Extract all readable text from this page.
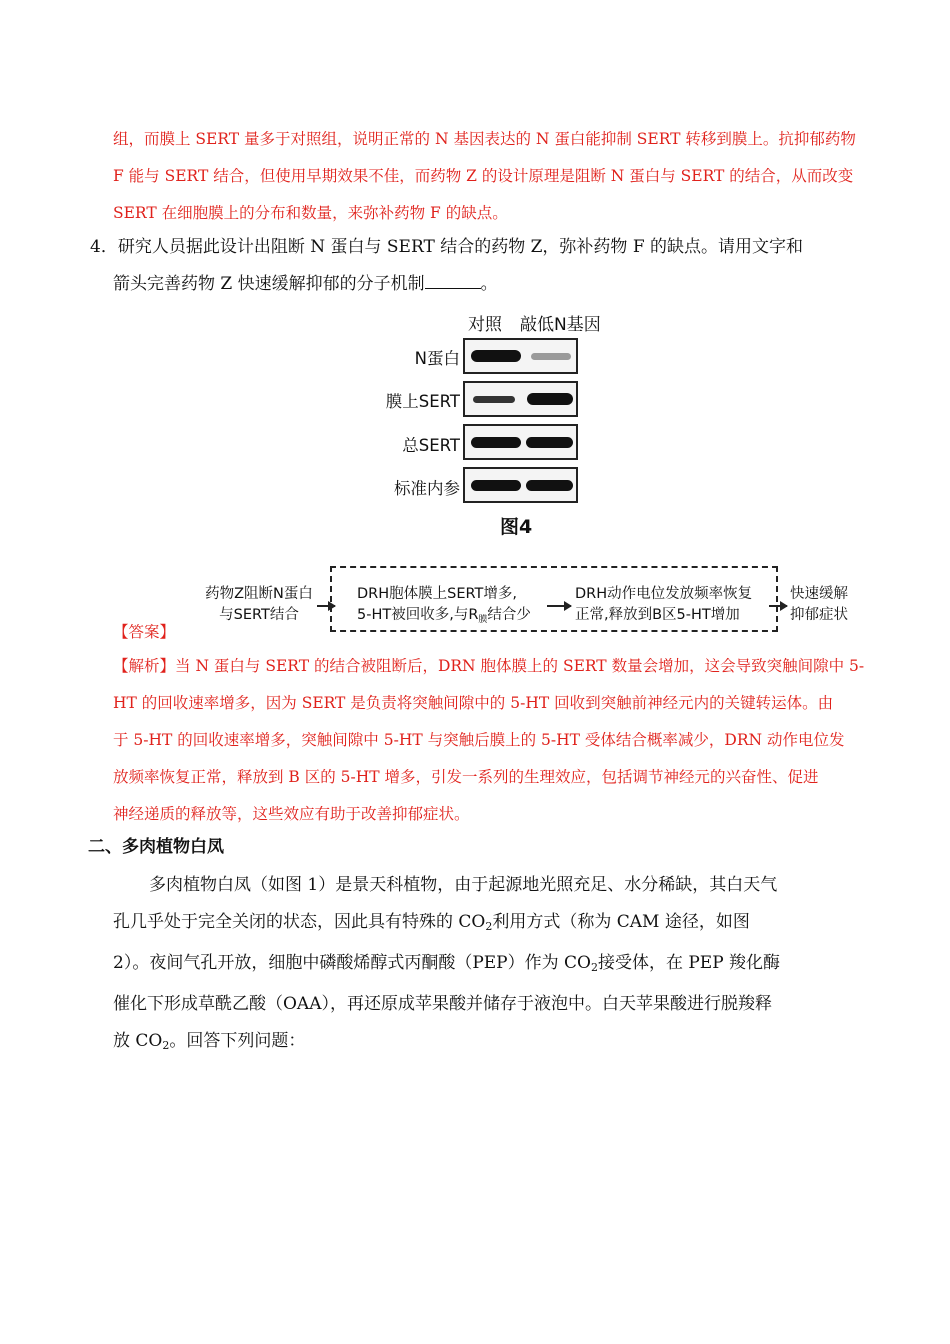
组，而膜上 SERT 量多于对照组，说明正常的 N 基因表达的 N 蛋白能抑制 SERT 转移到膜上。抗抑郁药物
F 能与 SERT 结合，但使用早期效果不佳，而药物 Z 的设计原理是阻断 N 蛋白与 SERT 的结合，从而改变
SERT 在细胞膜上的分布和数量，来弥补药物 F 的缺点。
4．研究人员据此设计出阻断 N 蛋白与 SERT 结合的药物 Z，弥补药物 F 的缺点。请用文字和
箭头完善药物 Z 快速缓解抑郁的分子机制	。
对照 敲低N基因
N蛋白
膜上SERT
总SERT
标准内参
图4
药物Z阻断N蛋白
与SERT结合
DRH胞体膜上SERT增多,
5-HT被回收多,与$R_膜$结合少
DRH动作电位发放频率恢复
正常,释放到B区5-HT增加
快速缓解
抑郁症状
【答案】
【解析】当 N 蛋白与 SERT 的结合被阻断后，DRN 胞体膜上的 SERT 数量会增加，这会导致突触间隙中 5-
HT 的回收速率增多，因为 SERT 是负责将突触间隙中的 5-HT 回收到突触前神经元内的关键转运体。由
于 5-HT 的回收速率增多，突触间隙中 5-HT 与突触后膜上的 5-HT 受体结合概率减少，DRN 动作电位发
放频率恢复正常，释放到 B 区的 5-HT 增多，引发一系列的生理效应，包括调节神经元的兴奋性、促进
神经递质的释放等，这些效应有助于改善抑郁症状。
二、多肉植物白凤
多肉植物白凤（如图 1）是景天科植物，由于起源地光照充足、水分稀缺，其白天气
孔几乎处于完全关闭的状态，因此具有特殊的 $CO_2$利用方式（称为 CAM 途径，如图
2）。夜间气孔开放，细胞中磷酸烯醇式丙酮酸（PEP）作为 $CO_2$接受体，在 PEP 羧化酶
催化下形成草酰乙酸（OAA），再还原成苹果酸并储存于液泡中。白天苹果酸进行脱羧释
放 $CO_2$。回答下列问题：
